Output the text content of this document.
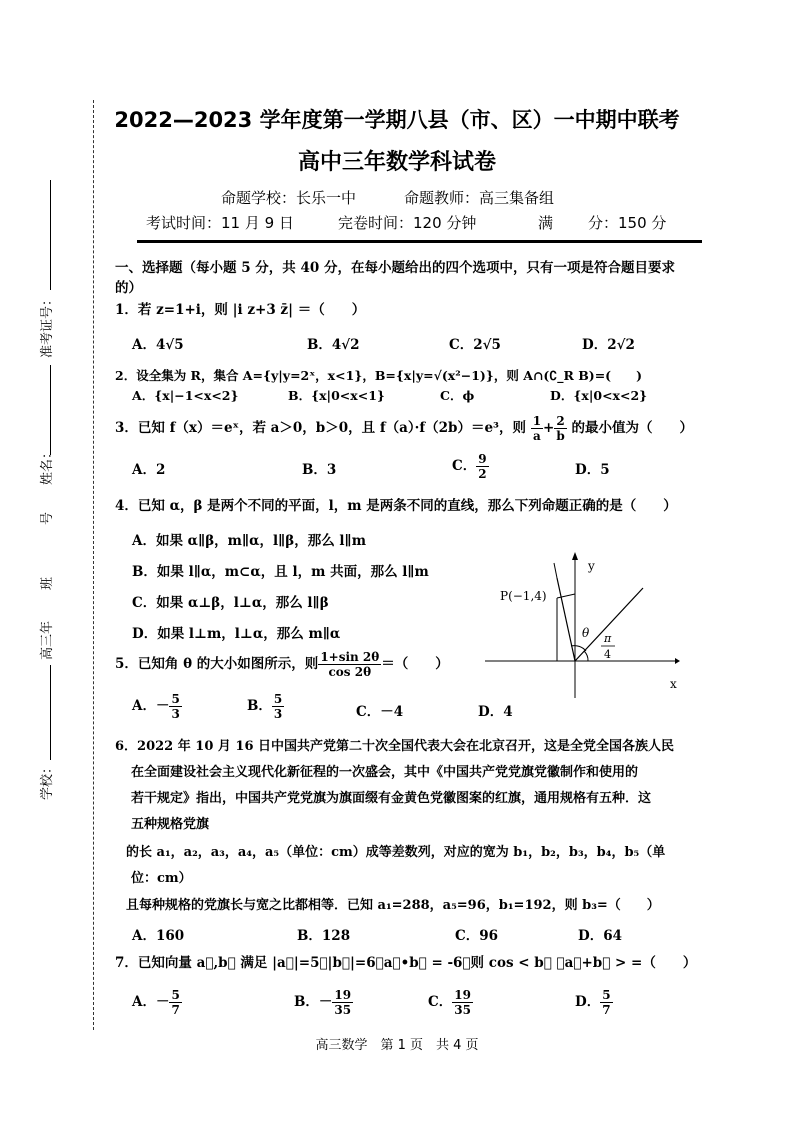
准考证号：
姓名：
号
班
高三年
学校：
2022—2023 学年度第一学期八县（市、区）一中期中联考
高中三年数学科试卷
命题学校：长乐一中	命题教师：高三集备组
考试时间：11 月 9 日	完卷时间：120 分钟	满 分：150 分
一、选择题（每小题 5 分，共 40 分，在每小题给出的四个选项中，只有一项是符合题目要求的）
1．若 z=1+i，则 |i z+3 z̄| ＝（　　）
A．4√5	B．4√2	C．2√5	D．2√2
2．设全集为 R，集合 A={y|y=2ˣ，x<1}，B={x|y=√(x²−1)}，则 A∩(∁_R B)=(　　)
A．{x|−1<x<2}	B．{x|0<x<1}	C．ϕ	D．{x|0<x<2}
3．已知 f（x）＝eˣ，若 a＞0，b＞0，且 f（a）·f（2b）＝e³，则 $\frac{1}{a} + \frac{2}{b}$ 的最小值为（　　）
A．2	B．3	C． $\frac{9}{2}$	D．5
4．已知 α，β 是两个不同的平面，l，m 是两条不同的直线，那么下列命题正确的是（　　）
A．如果 α∥β，m∥α，l∥β，那么 l∥m
B．如果 l∥α，m⊂α，且 l，m 共面，那么 l∥m
C．如果 α⊥β，l⊥α，那么 l∥β
D．如果 l⊥m，l⊥α，那么 m∥α
P(−1,4)
y
x
θ π
4
5．已知角 θ 的大小如图所示，则 $\frac{1+\sin 2\theta}{\cos 2\theta}$ ＝（　　）
A．－ $\frac{5}{3}$	B． $\frac{5}{3}$	C．－4	D．4
6．2022 年 10 月 16 日中国共产党第二十次全国代表大会在北京召开，这是全党全国各族人民
在全面建设社会主义现代化新征程的一次盛会，其中《中国共产党党旗党徽制作和使用的
若干规定》指出，中国共产党党旗为旗面缀有金黄色党徽图案的红旗，通用规格有五种．这
五种规格党旗
的长 a₁，a₂，a₃，a₄，a₅（单位：cm）成等差数列，对应的宽为 b₁，b₂，b₃，b₄，b₅（单
位：cm）
且每种规格的党旗长与宽之比都相等．已知 a₁=288，a₅=96，b₁=192，则 b₃=（　　）
A．160	B．128	C．96	D．64
7．已知向量 a⃗,b⃗ 满足 |a⃗|=5，|b⃗|=6，a⃗•b⃗ = -6，则 cos < b⃗ ，a⃗+b⃗ > =（　　）
A．－ $\frac{5}{7}$	B．－ $\frac{19}{35}$	C． $\frac{19}{35}$	D． $\frac{5}{7}$
高三数学　第 1 页　共 4 页
